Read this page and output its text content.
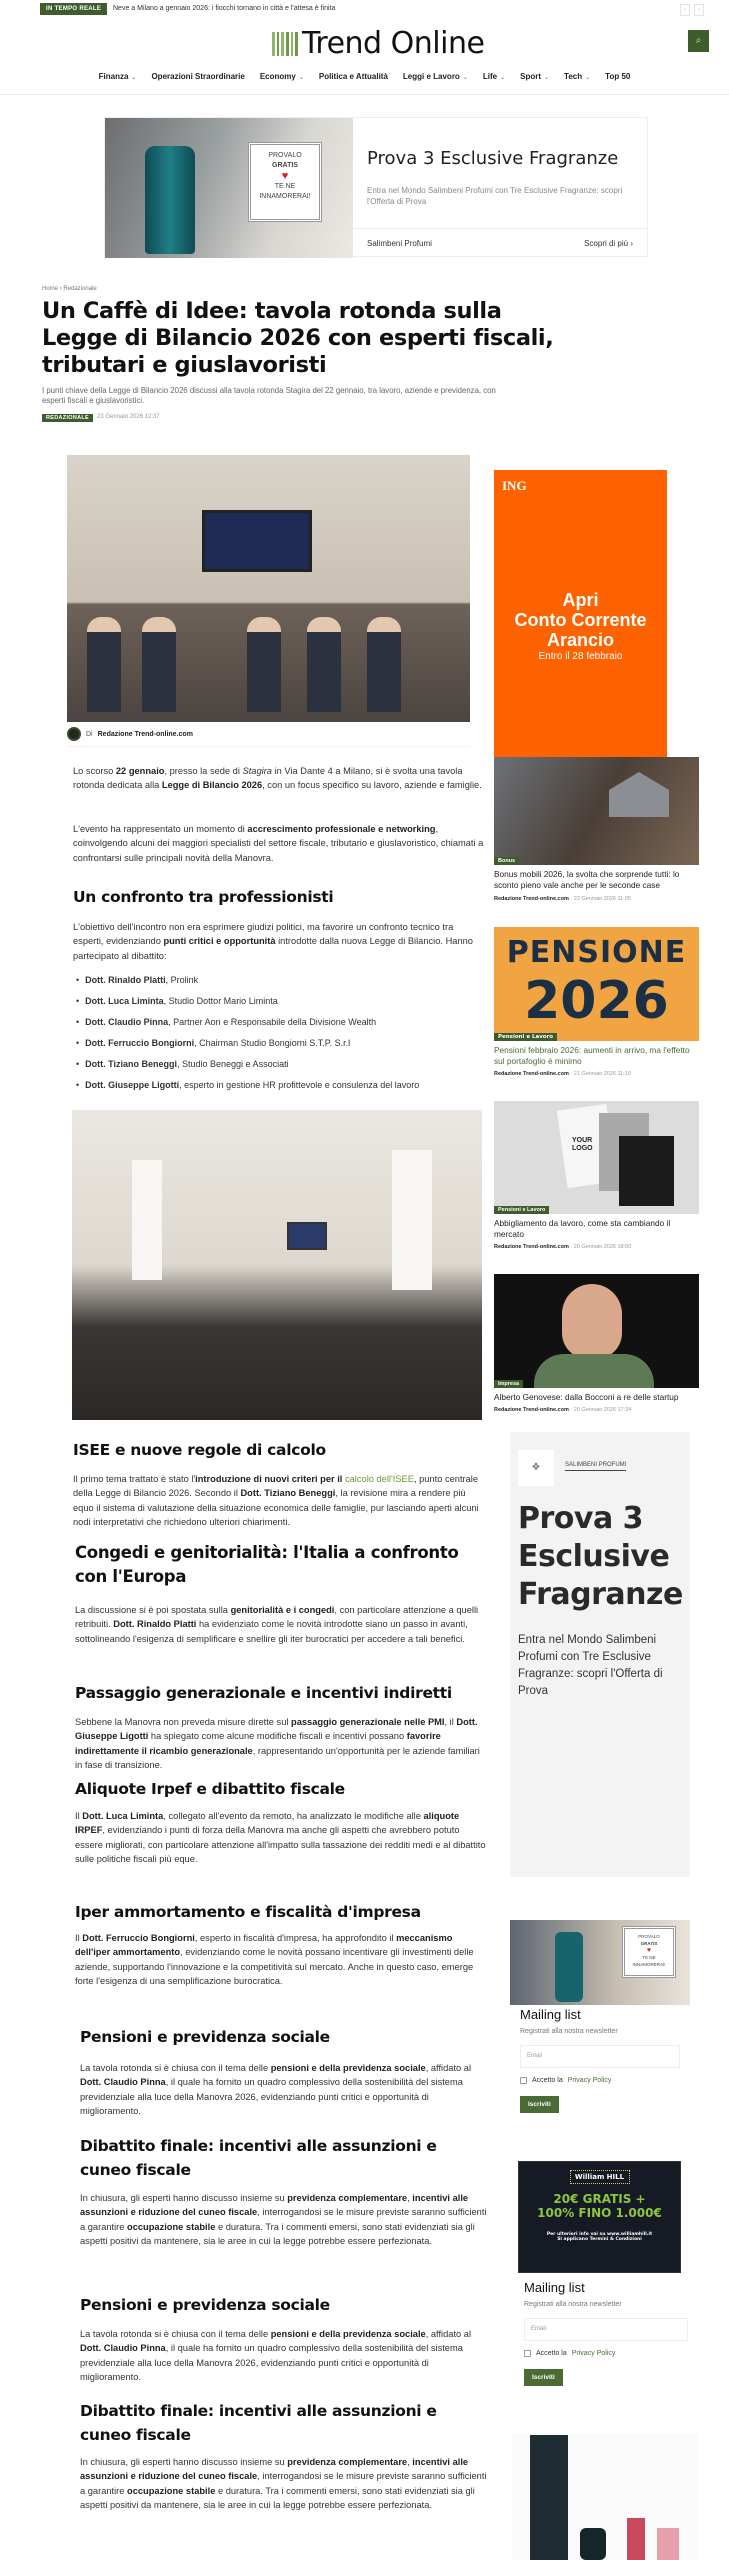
IN TEMPO REALE	Neve a Milano a gennaio 2026: i fiocchi tornano in città e l'attesa è finita	‹	›
Trend Online	⌕
Finanza ⌄ Operazioni Straordinarie Economy ⌄ Politica e Attualità Leggi e Lavoro ⌄ Life ⌄ Sport ⌄ Tech ⌄ Top 50
PROVALO
GRATIS
♥
TE NE
INNAMORERAI!
Prova 3 Esclusive Fragranze
Entra nel Mondo Salimbeni Profumi con Tre Esclusive Fragranze: scopri l'Offerta di Prova
Salimbeni Profumi	Scopri di più ›
Home › Redazionale
Un Caffè di Idee: tavola rotonda sulla Legge di Bilancio 2026 con esperti fiscali, tributari e giuslavoristi
I punti chiave della Legge di Bilancio 2026 discussi alla tavola rotonda Stagira del 22 gennaio, tra lavoro, aziende e previdenza, con esperti fiscali e giuslavoristici.
REDAZIONALE	23 Gennaio 2026 12:37
Di Redazione Trend-online.com
Lo scorso 22 gennaio, presso la sede di Stagira in Via Dante 4 a Milano, si è svolta una tavola rotonda dedicata alla Legge di Bilancio 2026, con un focus specifico su lavoro, aziende e famiglie.
L'evento ha rappresentato un momento di accrescimento professionale e networking, coinvolgendo alcuni dei maggiori specialisti del settore fiscale, tributario e giuslavoristico, chiamati a confrontarsi sulle principali novità della Manovra.
Un confronto tra professionisti
L'obiettivo dell'incontro non era esprimere giudizi politici, ma favorire un confronto tecnico tra esperti, evidenziando punti critici e opportunità introdotte dalla nuova Legge di Bilancio. Hanno partecipato al dibattito:
• Dott. Rinaldo Platti, Prolink
• Dott. Luca Liminta, Studio Dottor Mario Liminta
• Dott. Claudio Pinna, Partner Aon e Responsabile della Divisione Wealth
• Dott. Ferruccio Bongiorni, Chairman Studio Bongiorni S.T.P. S.r.l
• Dott. Tiziano Beneggi, Studio Beneggi e Associati
• Dott. Giuseppe Ligotti, esperto in gestione HR profittevole e consulenza del lavoro
ISEE e nuove regole di calcolo
Il primo tema trattato è stato l'introduzione di nuovi criteri per il calcolo dell'ISEE, punto centrale della Legge di Bilancio 2026. Secondo il Dott. Tiziano Beneggi, la revisione mira a rendere più equo il sistema di valutazione della situazione economica delle famiglie, pur lasciando aperti alcuni nodi interpretativi che richiedono ulteriori chiarimenti.
Congedi e genitorialità: l'Italia a confronto con l'Europa
La discussione si è poi spostata sulla genitorialità e i congedi, con particolare attenzione a quelli retribuiti. Dott. Rinaldo Platti ha evidenziato come le novità introdotte siano un passo in avanti, sottolineando l'esigenza di semplificare e snellire gli iter burocratici per accedere a tali benefici.
Passaggio generazionale e incentivi indiretti
Sebbene la Manovra non preveda misure dirette sul passaggio generazionale nelle PMI, il Dott. Giuseppe Ligotti ha spiegato come alcune modifiche fiscali e incentivi possano favorire indirettamente il ricambio generazionale, rappresentando un'opportunità per le aziende familiari in fase di transizione.
Aliquote Irpef e dibattito fiscale
Il Dott. Luca Liminta, collegato all'evento da remoto, ha analizzato le modifiche alle aliquote IRPEF, evidenziando i punti di forza della Manovra ma anche gli aspetti che avrebbero potuto essere migliorati, con particolare attenzione all'impatto sulla tassazione dei redditi medi e al dibattito sulle politiche fiscali più eque.
Iper ammortamento e fiscalità d'impresa
Il Dott. Ferruccio Bongiorni, esperto in fiscalità d'impresa, ha approfondito il meccanismo dell'iper ammortamento, evidenziando come le novità possano incentivare gli investimenti delle aziende, supportando l'innovazione e la competitività sul mercato. Anche in questo caso, emerge forte l'esigenza di una semplificazione burocratica.
Pensioni e previdenza sociale
La tavola rotonda si è chiusa con il tema delle pensioni e della previdenza sociale, affidato al Dott. Claudio Pinna, il quale ha fornito un quadro complessivo della sostenibilità del sistema previdenziale alla luce della Manovra 2026, evidenziando punti critici e opportunità di miglioramento.
Dibattito finale: incentivi alle assunzioni e cuneo fiscale
In chiusura, gli esperti hanno discusso insieme su previdenza complementare, incentivi alle assunzioni e riduzione del cuneo fiscale, interrogandosi se le misure previste saranno sufficienti a garantire occupazione stabile e duratura. Tra i commenti emersi, sono stati evidenziati sia gli aspetti positivi da mantenere, sia le aree in cui la legge potrebbe essere perfezionata.
Pensioni e previdenza sociale
La tavola rotonda si è chiusa con il tema delle pensioni e della previdenza sociale, affidato al Dott. Claudio Pinna, il quale ha fornito un quadro complessivo della sostenibilità del sistema previdenziale alla luce della Manovra 2026, evidenziando punti critici e opportunità di miglioramento.
Dibattito finale: incentivi alle assunzioni e cuneo fiscale
In chiusura, gli esperti hanno discusso insieme su previdenza complementare, incentivi alle assunzioni e riduzione del cuneo fiscale, interrogandosi se le misure previste saranno sufficienti a garantire occupazione stabile e duratura. Tra i commenti emersi, sono stati evidenziati sia gli aspetti positivi da mantenere, sia le aree in cui la legge potrebbe essere perfezionata.
ING
Apri
Conto Corrente
Arancio
Entro il 28 febbraio
Bonus
Bonus mobili 2026, la svolta che sorprende tutti: lo sconto pieno vale anche per le seconde case
Redazione Trend-online.com · 22 Gennaio 2026 11:05
PENSIONE
2026
Pensioni e Lavoro
Pensioni febbraio 2026: aumenti in arrivo, ma l'effetto sul portafoglio è minimo
Redazione Trend-online.com · 21 Gennaio 2026 11:19
YOUR LOGO
Pensioni e Lavoro
Abbigliamento da lavoro, come sta cambiando il mercato
Redazione Trend-online.com · 20 Gennaio 2026 18:00
Impresa
Alberto Genovese: dalla Bocconi a re delle startup
Redazione Trend-online.com · 20 Gennaio 2026 17:34
❖	SALIMBENI PROFUMI
Prova 3 Esclusive Fragranze
Entra nel Mondo Salimbeni Profumi con Tre Esclusive Fragranze: scopri l'Offerta di Prova
PROVALO
GRATIS
♥
TE NE
INNAMORERAI!
Mailing list
Registrati alla nostra newsletter
Email
Accetto la Privacy Policy
Iscriviti
William HILL
20€ GRATIS +
100% FINO 1.000€
Per ulteriori info vai su www.williamhill.it
Si applicano Termini & Condizioni
Mailing list
Registrati alla nostra newsletter
Email
Accetto la Privacy Policy
Iscriviti
